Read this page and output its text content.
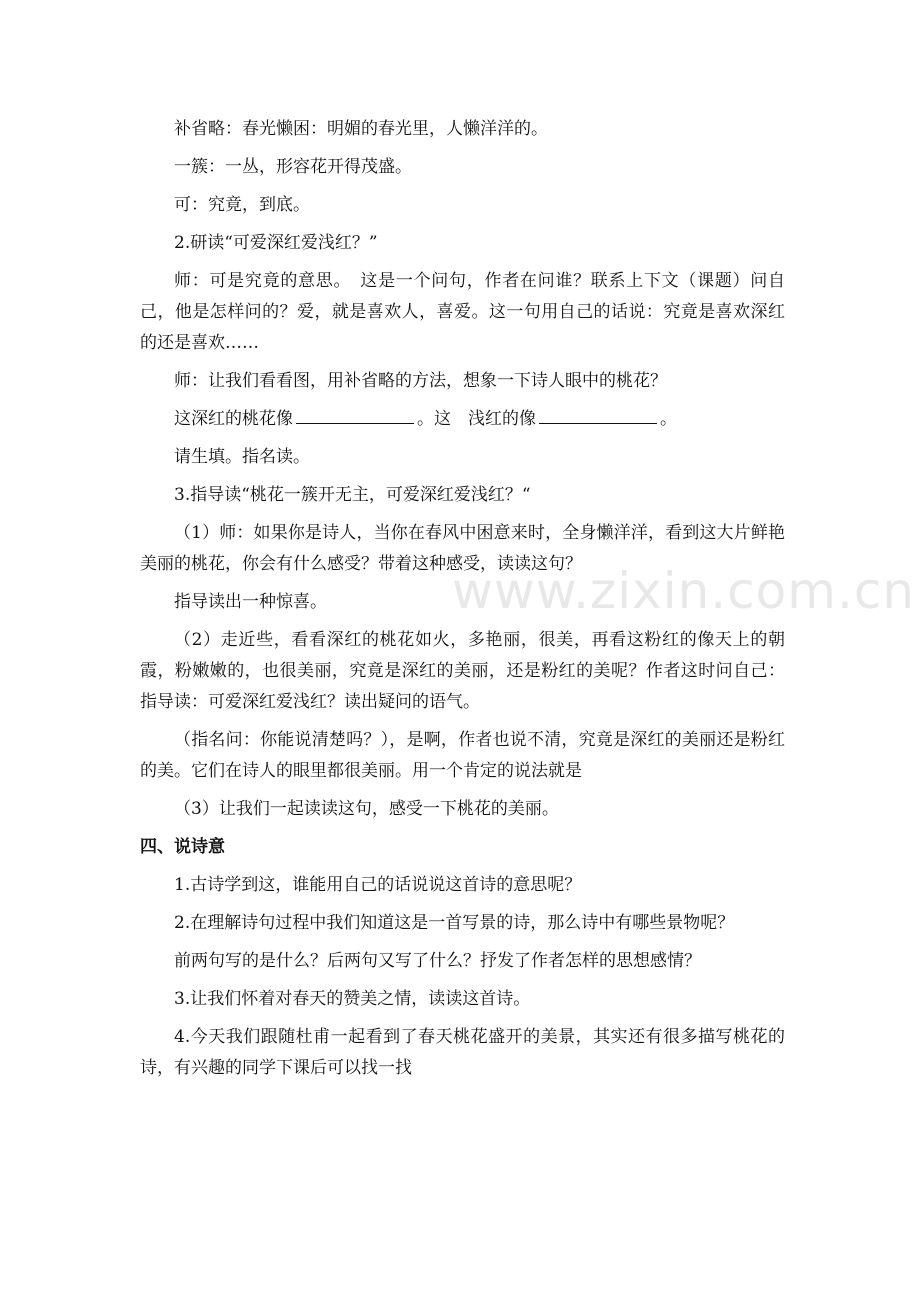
补省略：春光懒困：明媚的春光里，人懒洋洋的。

一簇：一丛，形容花开得茂盛。

可：究竟，到底。

2.研读“可爱深红爱浅红？”

师：可是究竟的意思。　这是一个问句，作者在问谁？联系上下文（课题）问自己，他是怎样问的？爱，就是喜欢人，喜爱。这一句用自己的话说：究竟是喜欢深红的还是喜欢……

师：让我们看看图，用补省略的方法，想象一下诗人眼中的桃花？

这深红的桃花像	。这　浅红的像	。

请生填。指名读。

3.指导读“桃花一簇开无主，可爱深红爱浅红？“

（1）师：如果你是诗人，当你在春风中困意来时，全身懒洋洋，看到这大片鲜艳美丽的桃花，你会有什么感受？带着这种感受，读读这句？

指导读出一种惊喜。

（2）走近些，看看深红的桃花如火，多艳丽，很美，再看这粉红的像天上的朝霞，粉嫩嫩的，也很美丽，究竟是深红的美丽，还是粉红的美呢？作者这时问自己：指导读：可爱深红爱浅红？读出疑问的语气。

（指名问：你能说清楚吗？），是啊，作者也说不清，究竟是深红的美丽还是粉红的美。它们在诗人的眼里都很美丽。用一个肯定的说法就是

（3）让我们一起读读这句，感受一下桃花的美丽。

四、说诗意

1.古诗学到这，谁能用自己的话说说这首诗的意思呢？

2.在理解诗句过程中我们知道这是一首写景的诗，那么诗中有哪些景物呢？

前两句写的是什么？后两句又写了什么？抒发了作者怎样的思想感情？

3.让我们怀着对春天的赞美之情，读读这首诗。

4.今天我们跟随杜甫一起看到了春天桃花盛开的美景，其实还有很多描写桃花的诗，有兴趣的同学下课后可以找一找

www.zixin.com.cn
